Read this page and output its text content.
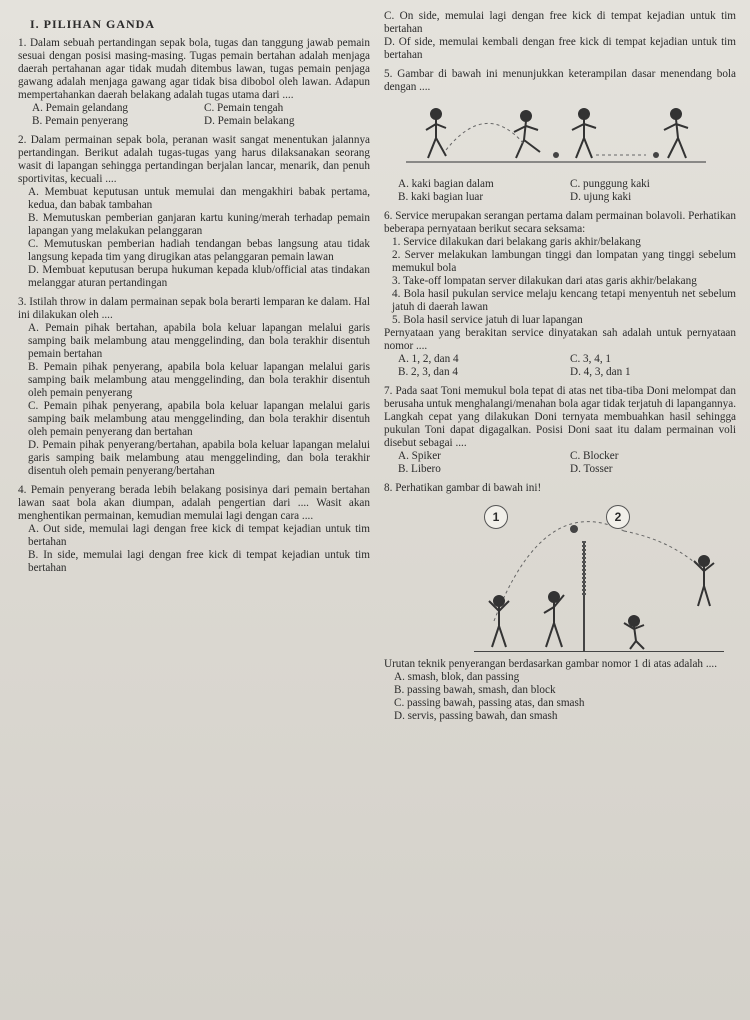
I. PILIHAN GANDA
1. Dalam sebuah pertandingan sepak bola, tugas dan tanggung jawab pemain sesuai dengan posisi masing-masing. Tugas pemain bertahan adalah menjaga daerah pertahanan agar tidak mudah ditembus lawan, tugas pemain penjaga gawang adalah menjaga gawang agar tidak bisa dibobol oleh lawan. Adapun mempertahankan daerah belakang adalah tugas utama dari ....
A. Pemain gelandang	C. Pemain tengah
B. Pemain penyerang	D. Pemain belakang
2. Dalam permainan sepak bola, peranan wasit sangat menentukan jalannya pertandingan. Berikut adalah tugas-tugas yang harus dilaksanakan seorang wasit di lapangan sehingga pertandingan berjalan lancar, menarik, dan penuh sportivitas, kecuali ....
A. Membuat keputusan untuk memulai dan mengakhiri babak pertama, kedua, dan babak tambahan
B. Memutuskan pemberian ganjaran kartu kuning/merah terhadap pemain lapangan yang melakukan pelanggaran
C. Memutuskan pemberian hadiah tendangan bebas langsung atau tidak langsung kepada tim yang dirugikan atas pelanggaran pemain lawan
D. Membuat keputusan berupa hukuman kepada klub/official atas tindakan melanggar aturan pertandingan
3. Istilah throw in dalam permainan sepak bola berarti lemparan ke dalam. Hal ini dilakukan oleh ....
A. Pemain pihak bertahan, apabila bola keluar lapangan melalui garis samping baik melambung atau menggelinding, dan bola terakhir disentuh pemain bertahan
B. Pemain pihak penyerang, apabila bola keluar lapangan melalui garis samping baik melambung atau menggelinding, dan bola terakhir disentuh oleh pemain penyerang
C. Pemain pihak penyerang, apabila bola keluar lapangan melalui garis samping baik melambung atau menggelinding, dan bola terakhir disentuh oleh pemain penyerang dan bertahan
D. Pemain pihak penyerang/bertahan, apabila bola keluar lapangan melalui garis samping baik melambung atau menggelinding, dan bola terakhir disentuh oleh pemain penyerang/bertahan
4. Pemain penyerang berada lebih belakang posisinya dari pemain bertahan lawan saat bola akan diumpan, adalah pengertian dari .... Wasit akan menghentikan permainan, kemudian memulai lagi dengan cara ....
A. Out side, memulai lagi dengan free kick di tempat kejadian untuk tim bertahan
B. In side, memulai lagi dengan free kick di tempat kejadian untuk tim bertahan
C. On side, memulai lagi dengan free kick di tempat kejadian untuk tim bertahan
D. Of side, memulai kembali dengan free kick di tempat kejadian untuk tim bertahan
5. Gambar di bawah ini menunjukkan keterampilan dasar menendang bola dengan ....
A. kaki bagian dalam	C. punggung kaki
B. kaki bagian luar	D. ujung kaki
6. Service merupakan serangan pertama dalam permainan bolavoli. Perhatikan beberapa pernyataan berikut secara seksama:
1. Service dilakukan dari belakang garis akhir/belakang
2. Server melakukan lambungan tinggi dan lompatan yang tinggi sebelum memukul bola
3. Take-off lompatan server dilakukan dari atas garis akhir/belakang
4. Bola hasil pukulan service melaju kencang tetapi menyentuh net sebelum jatuh di daerah lawan
5. Bola hasil service jatuh di luar lapangan
Pernyataan yang berakitan service dinyatakan sah adalah untuk pernyataan nomor ....
A. 1, 2, dan 4	C. 3, 4, 1
B. 2, 3, dan 4	D. 4, 3, dan 1
7. Pada saat Toni memukul bola tepat di atas net tiba-tiba Doni melompat dan berusaha untuk menghalangi/menahan bola agar tidak terjatuh di lapangannya. Langkah cepat yang dilakukan Doni ternyata membuahkan hasil sehingga pukulan Toni dapat digagalkan. Posisi Doni saat itu dalam permainan voli disebut sebagai ....
A. Spiker	C. Blocker
B. Libero	D. Tosser
8. Perhatikan gambar di bawah ini!
1	2
Urutan teknik penyerangan berdasarkan gambar nomor 1 di atas adalah ....
A. smash, blok, dan passing
B. passing bawah, smash, dan block
C. passing bawah, passing atas, dan smash
D. servis, passing bawah, dan smash
